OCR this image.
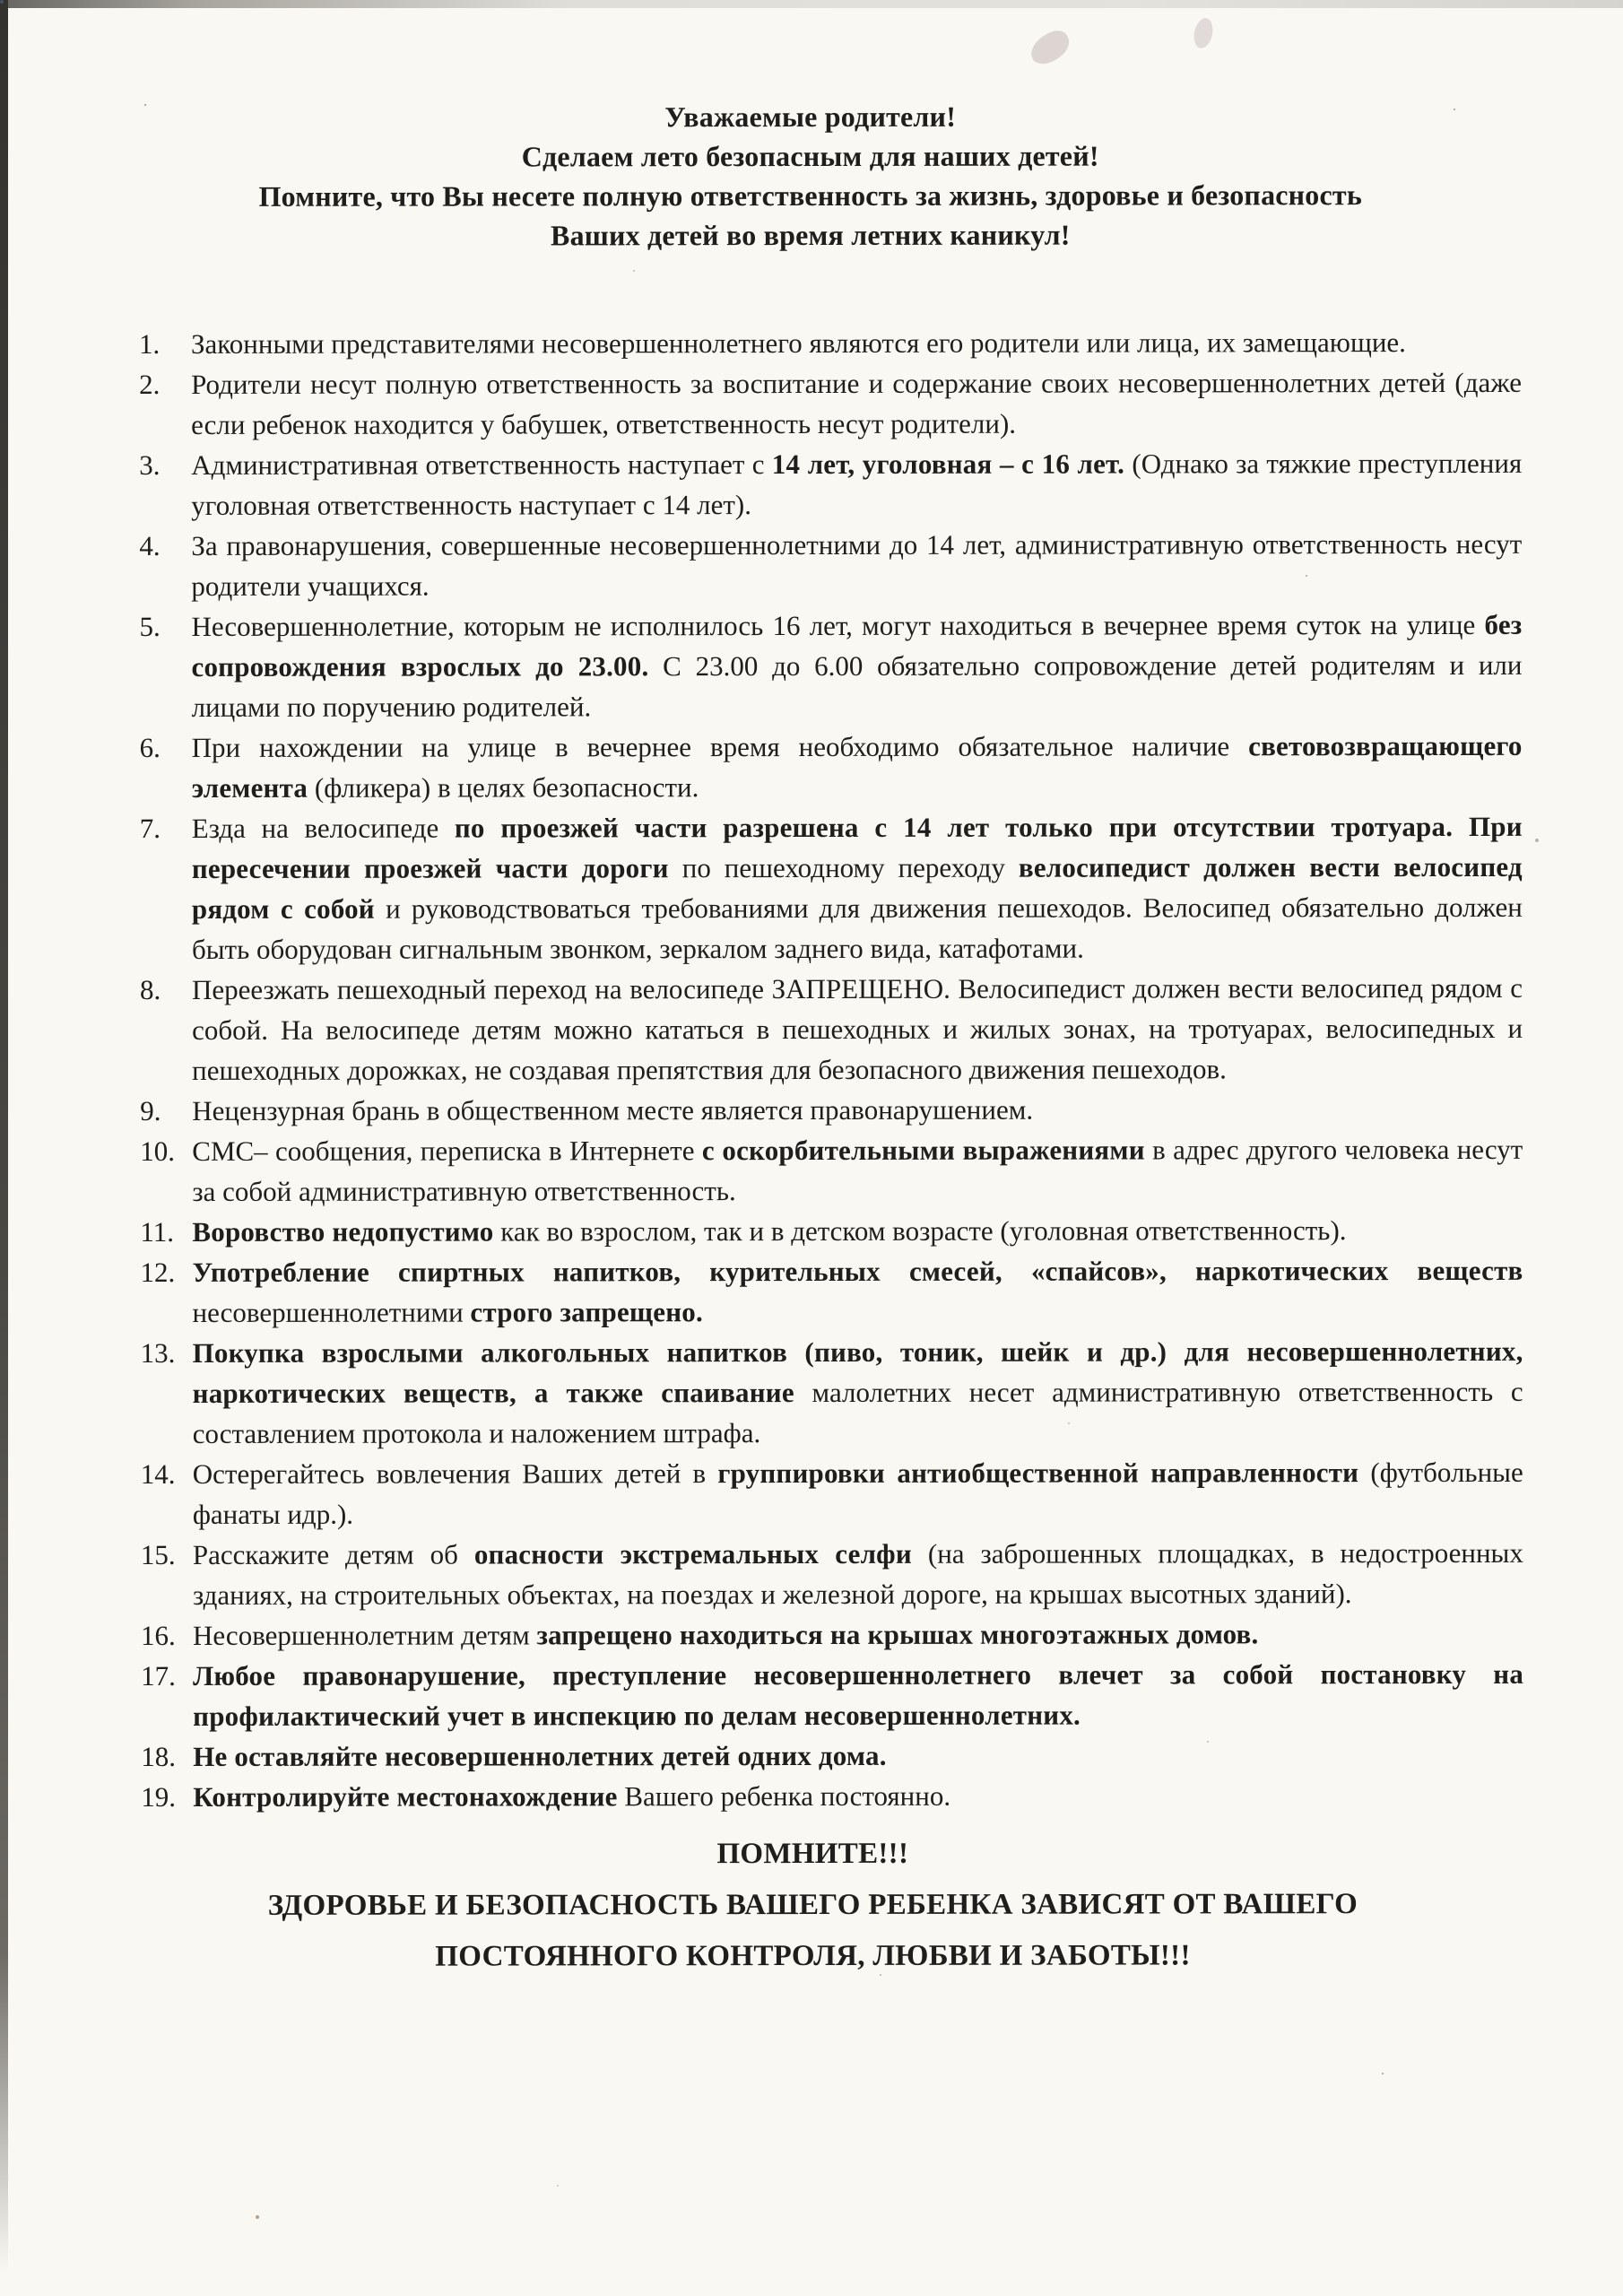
Уважаемые родители!
Сделаем лето безопасным для наших детей!
Помните, что Вы несете полную ответственность за жизнь, здоровье и безопасность
Ваших детей во время летних каникул!
1.	Законными представителями несовершеннолетнего являются его родители или лица, их замещающие.
2.	Родители несут полную ответственность за воспитание и содержание своих несовершеннолетних детей (даже если ребенок находится у бабушек, ответственность несут родители).
3.	Административная ответственность наступает с 14 лет, уголовная – с 16 лет. (Однако за тяжкие преступления уголовная ответственность наступает с 14 лет).
4.	За правонарушения, совершенные несовершеннолетними до 14 лет, административную ответственность несут родители учащихся.
5.	Несовершеннолетние, которым не исполнилось 16 лет, могут находиться в вечернее время суток на улице без сопровождения взрослых до 23.00. С 23.00 до 6.00 обязательно сопровождение детей родителям и или лицами по поручению родителей.
6.	При нахождении на улице в вечернее время необходимо обязательное наличие световозвращающего элемента (фликера) в целях безопасности.
7.	Езда на велосипеде по проезжей части разрешена с 14 лет только при отсутствии тротуара. При пересечении проезжей части дороги по пешеходному переходу велосипедист должен вести велосипед рядом с собой и руководствоваться требованиями для движения пешеходов. Велосипед обязательно должен быть оборудован сигнальным звонком, зеркалом заднего вида, катафотами.
8.	Переезжать пешеходный переход на велосипеде ЗАПРЕЩЕНО. Велосипедист должен вести велосипед рядом с собой. На велосипеде детям можно кататься в пешеходных и жилых зонах, на тротуарах, велосипедных и пешеходных дорожках, не создавая препятствия для безопасного движения пешеходов.
9.	Нецензурная брань в общественном месте является правонарушением.
10. СМС– сообщения, переписка в Интернете с оскорбительными выражениями в адрес другого человека несут за собой административную ответственность.
11. Воровство недопустимо как во взрослом, так и в детском возрасте (уголовная ответственность).
12. Употребление спиртных напитков, курительных смесей, «спайсов», наркотических веществ несовершеннолетними строго запрещено.
13. Покупка взрослыми алкогольных напитков (пиво, тоник, шейк и др.) для несовершеннолетних, наркотических веществ, а также спаивание малолетних несет административную ответственность с составлением протокола и наложением штрафа.
14. Остерегайтесь вовлечения Ваших детей в группировки антиобщественной направленности (футбольные фанаты идр.).
15. Расскажите детям об опасности экстремальных селфи (на заброшенных площадках, в недостроенных зданиях, на строительных объектах, на поездах и железной дороге, на крышах высотных зданий).
16. Несовершеннолетним детям запрещено находиться на крышах многоэтажных домов.
17. Любое правонарушение, преступление несовершеннолетнего влечет за собой постановку на профилактический учет в инспекцию по делам несовершеннолетних.
18. Не оставляйте несовершеннолетних детей одних дома.
19. Контролируйте местонахождение Вашего ребенка постоянно.
ПОМНИТЕ!!!
ЗДОРОВЬЕ И БЕЗОПАСНОСТЬ ВАШЕГО РЕБЕНКА ЗАВИСЯТ ОТ ВАШЕГО
ПОСТОЯННОГО КОНТРОЛЯ, ЛЮБВИ И ЗАБОТЫ!!!
